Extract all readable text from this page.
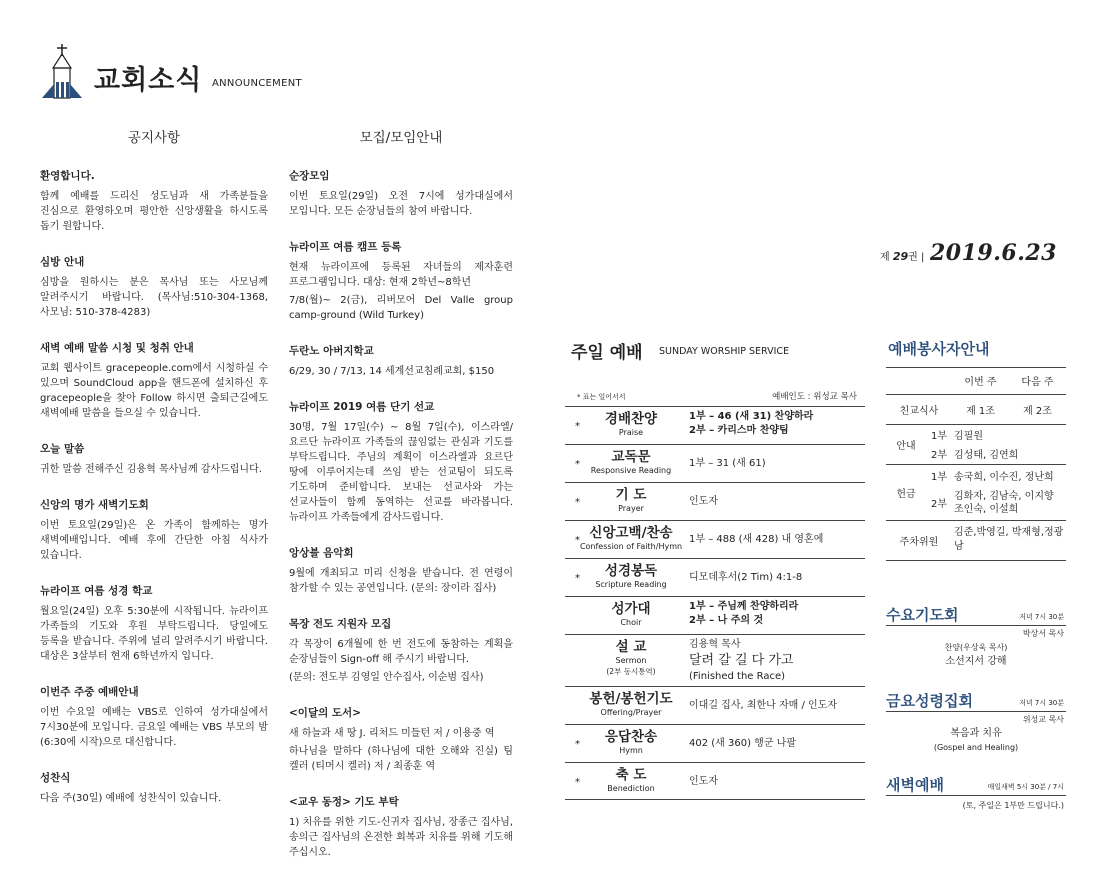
교회소식 ANNOUNCEMENT
공지사항
환영합니다.

함께 예배를 드리신 성도님과 새 가족분들을 진심으로 환영하오며 평안한 신앙생활을 하시도록 돕기 원합니다.

심방 안내

심방을 원하시는 분은 목사님 또는 사모님께 알려주시기 바랍니다. (목사님:510-304-1368, 사모님: 510-378-4283)

새벽 예배 말씀 시청 및 청취 안내

교회 웹사이트 gracepeople.com에서 시청하실 수 있으며 SoundCloud app을 핸드폰에 설치하신 후 gracepeople을 찾아 Follow 하시면 출퇴근길에도 새벽예배 말씀을 들으실 수 있습니다.

오늘 말씀

귀한 말씀 전해주신 김용혁 목사님께 감사드립니다.

신앙의 명가 새벽기도회

이번 토요일(29일)은 온 가족이 함께하는 명가 새벽예배입니다. 예배 후에 간단한 아침 식사가 있습니다.

뉴라이프 여름 성경 학교

월요일(24일) 오후 5:30분에 시작됩니다. 뉴라이프 가족들의 기도와 후원 부탁드립니다. 당일에도 등록을 받습니다. 주위에 널리 알려주시기 바랍니다. 대상은 3살부터 현재 6학년까지 입니다.

이번주 주중 예배안내

이번 수요일 예배는 VBS로 인하여 성가대실에서 7시30분에 모입니다. 금요일 예배는 VBS 부모의 밤(6:30에 시작)으로 대신합니다.

성찬식

다음 주(30일) 예배에 성찬식이 있습니다.

모집/모임안내
순장모임

이번 토요일(29일) 오전 7시에 성가대실에서 모입니다. 모든 순장님들의 참여 바랍니다.

뉴라이프 여름 캠프 등록

현재 뉴라이프에 등록된 자녀들의 제자훈련 프로그램입니다. 대상: 현재 2학년~8학년

7/8(월)~ 2(금), 리버모어 Del Valle group camp-ground (Wild Turkey)

두란노 아버지학교

6/29, 30 / 7/13, 14 세계선교침례교회, $150

뉴라이프 2019 여름 단기 선교

30명, 7월 17일(수) ~ 8월 7일(수), 이스라엘/요르단 뉴라이프 가족들의 끊임없는 관심과 기도를 부탁드립니다. 주님의 계획이 이스라엘과 요르단 땅에 이루어지는데 쓰임 받는 선교팀이 되도록 기도하며 준비합니다. 보내는 선교사와 가는 선교사들이 함께 동역하는 선교를 바라봅니다. 뉴라이프 가족들에게 감사드립니다.

앙상블 음악회

9월에 개최되고 미리 신청을 받습니다. 전 연령이 참가할 수 있는 공연입니다. (문의: 장이라 집사)

목장 전도 지원자 모집

각 목장이 6개월에 한 번 전도에 동참하는 계획을 순장님들이 Sign-off 해 주시기 바랍니다.

(문의: 전도부 김영일 안수집사, 이순범 집사)

<이달의 도서>

새 하늘과 새 땅 J. 리처드 미들턴 저 / 이용중 역

하나님을 말하다 (하나님에 대한 오해와 진실) 팀 켈러 (티머시 켈러) 저 / 최종훈 역

<교우 동정> 기도 부탁

1) 치유를 위한 기도-신귀자 집사님, 장종근 집사님, 송의근 집사님의 온전한 회복과 치유를 위해 기도해 주십시오.

제 29권 | 2019.6.23
주일 예배 SUNDAY WORSHIP SERVICE
* 표는 일어서서	예배인도 : 위성교 목사
*	경배찬양
Praise
1부 – 46 (새 31) 찬양하라
2부 – 카리스마 찬양팀
*	교독문
Responsive Reading
1부 – 31 (새 61)
*	기 도
Prayer
인도자
* 신앙고백/찬송
Confession of Faith/Hymn
1부 – 488 (새 428) 내 영혼에
*	성경봉독
Scripture Reading
디모데후서(2 Tim) 4:1-8
성가대
Choir
1부 – 주님께 찬양하리라
2부 – 나 주의 것
설 교
Sermon
(2부 동시통역)
김용혁 목사
달려 갈 길 다 가고
(Finished the Race)
봉헌/봉헌기도
Offering/Prayer
이대길 집사, 최한나 자매 / 인도자
*	응답찬송
Hymn
402 (새 360) 행군 나팔
*	축 도
Benediction
인도자
예배봉사자안내
		이번 주	다음 주
친교식사		제 1조	제 2조
안내	1부	김필원	
	2부	김성태, 김연희	
헌금	1부	송국희, 이수진, 정난희	
	2부	김화자, 김남숙, 이지향 조인숙, 이설희	
주차위원		김준,박영길, 박재형,정광남	
수요기도회	저녁 7시 30분
박상서 목사
찬양(우상욱 목사)
소선지서 강해
금요성령집회	저녁 7시 30분
위성교 목사
복음과 치유
(Gospel and Healing)
새벽예배	매일새벽 5시 30분 / 7시
(토, 주일은 1부만 드립니다.)
